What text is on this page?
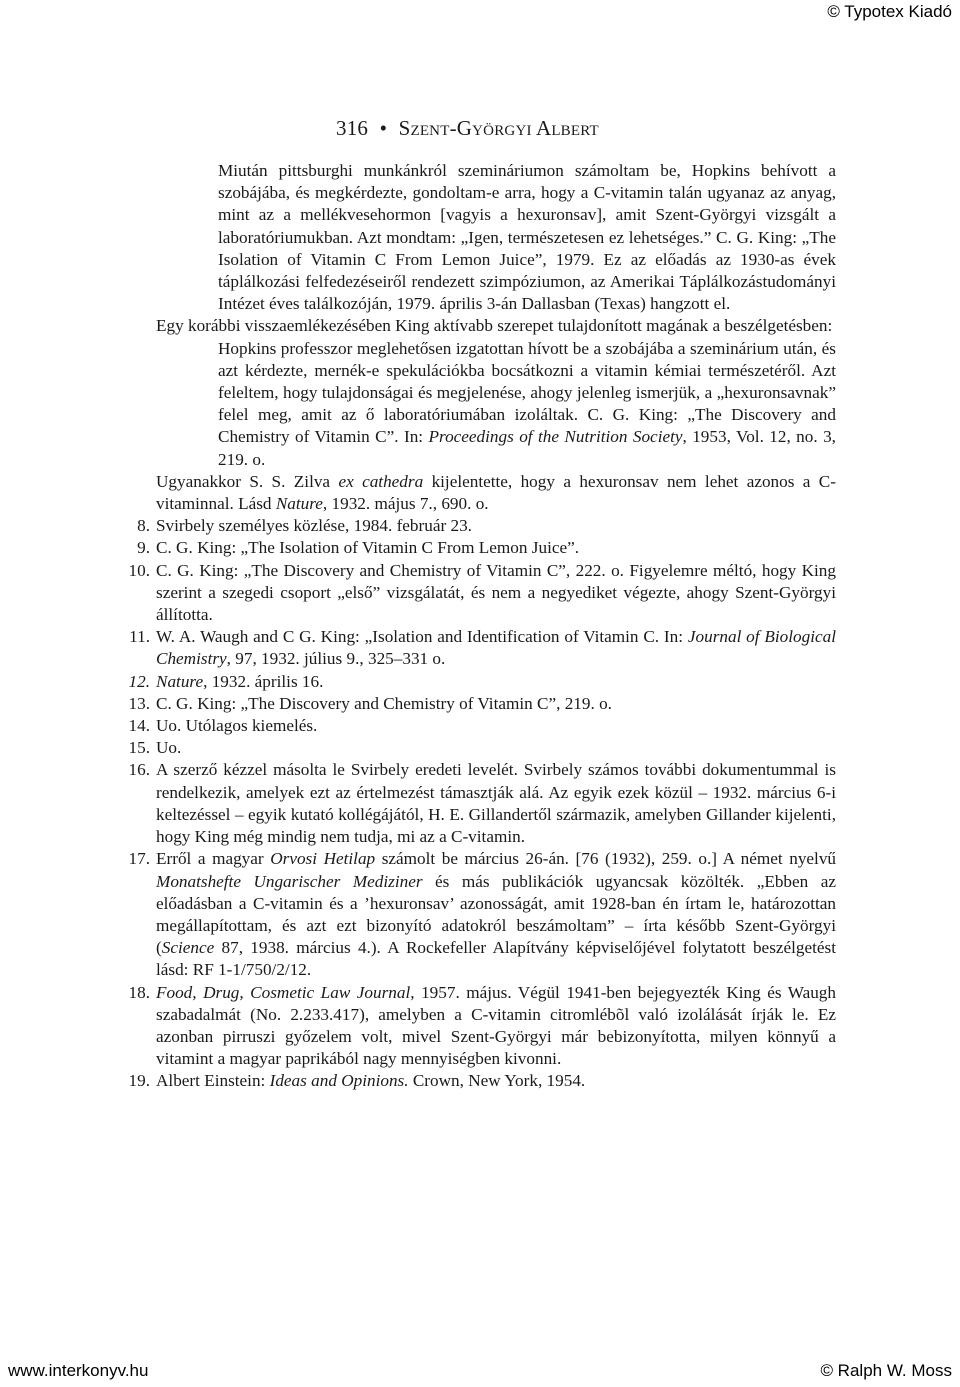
© Typotex Kiadó
www.interkonyv.hu	© Ralph W. Moss
316 • Szent-Györgyi Albert
Miután pittsburghi munkánkról szemináriumon számoltam be, Hopkins behívott a szobájába, és megkérdezte, gondoltam-e arra, hogy a C-vitamin talán ugyanaz az anyag, mint az a mellékvesehormon [vagyis a hexuronsav], amit Szent-Györgyi vizsgált a laboratóriumukban. Azt mondtam: „Igen, természetesen ez lehetséges.” C. G. King: „The Isolation of Vitamin C From Lemon Juice”, 1979. Ez az előadás az 1930-as évek táplálkozási felfedezéseiről rendezett szimpóziumon, az Amerikai Táplálkozástudományi Intézet éves találkozóján, 1979. április 3-án Dallasban (Texas) hangzott el.
Egy korábbi visszaemlékezésében King aktívabb szerepet tulajdonított magának a beszélgetésben:
Hopkins professzor meglehetősen izgatottan hívott be a szobájába a szeminárium után, és azt kérdezte, mernék-e spekulációkba bocsátkozni a vitamin kémiai természetéről. Azt feleltem, hogy tulajdonságai és megjelenése, ahogy jelenleg ismerjük, a „hexuronsavnak” felel meg, amit az ő laboratóriumában izoláltak. C. G. King: „The Discovery and Chemistry of Vitamin C”. In: Proceedings of the Nutrition Society, 1953, Vol. 12, no. 3, 219. o.
Ugyanakkor S. S. Zilva ex cathedra kijelentette, hogy a hexuronsav nem lehet azonos a C-vitaminnal. Lásd Nature, 1932. május 7., 690. o.
8. Svirbely személyes közlése, 1984. február 23.
9. C. G. King: „The Isolation of Vitamin C From Lemon Juice”.
10. C. G. King: „The Discovery and Chemistry of Vitamin C”, 222. o. Figyelemre méltó, hogy King szerint a szegedi csoport „első” vizsgálatát, és nem a negyediket végezte, ahogy Szent-Györgyi állította.
11. W. A. Waugh and C G. King: „Isolation and Identification of Vitamin C. In: Journal of Biological Chemistry, 97, 1932. július 9., 325–331 o.
12. Nature, 1932. április 16.
13. C. G. King: „The Discovery and Chemistry of Vitamin C”, 219. o.
14. Uo. Utólagos kiemelés.
15. Uo.
16. A szerző kézzel másolta le Svirbely eredeti levelét. Svirbely számos további dokumentummal is rendelkezik, amelyek ezt az értelmezést támasztják alá. Az egyik ezek közül – 1932. március 6-i keltezéssel – egyik kutató kollégájától, H. E. Gillandertől származik, amelyben Gillander kijelenti, hogy King még mindig nem tudja, mi az a C-vitamin.
17. Erről a magyar Orvosi Hetilap számolt be március 26-án. [76 (1932), 259. o.] A német nyelvű Monatshefte Ungarischer Mediziner és más publikációk ugyancsak közölték. „Ebben az előadásban a C-vitamin és a ’hexuronsav’ azonosságát, amit 1928-ban én írtam le, határozottan megállapítottam, és azt ezt bizonyító adatokról beszámoltam” – írta később Szent-Györgyi (Science 87, 1938. március 4.). A Rockefeller Alapítvány képviselőjével folytatott beszélgetést lásd: RF 1-1/750/2/12.
18. Food, Drug, Cosmetic Law Journal, 1957. május. Végül 1941-ben bejegyezték King és Waugh szabadalmát (No. 2.233.417), amelyben a C-vitamin citromlébõl való izolálását írják le. Ez azonban pirruszi győzelem volt, mivel Szent-Györgyi már bebizonyította, milyen könnyű a vitamint a magyar paprikából nagy mennyiségben kivonni.
19. Albert Einstein: Ideas and Opinions. Crown, New York, 1954.
